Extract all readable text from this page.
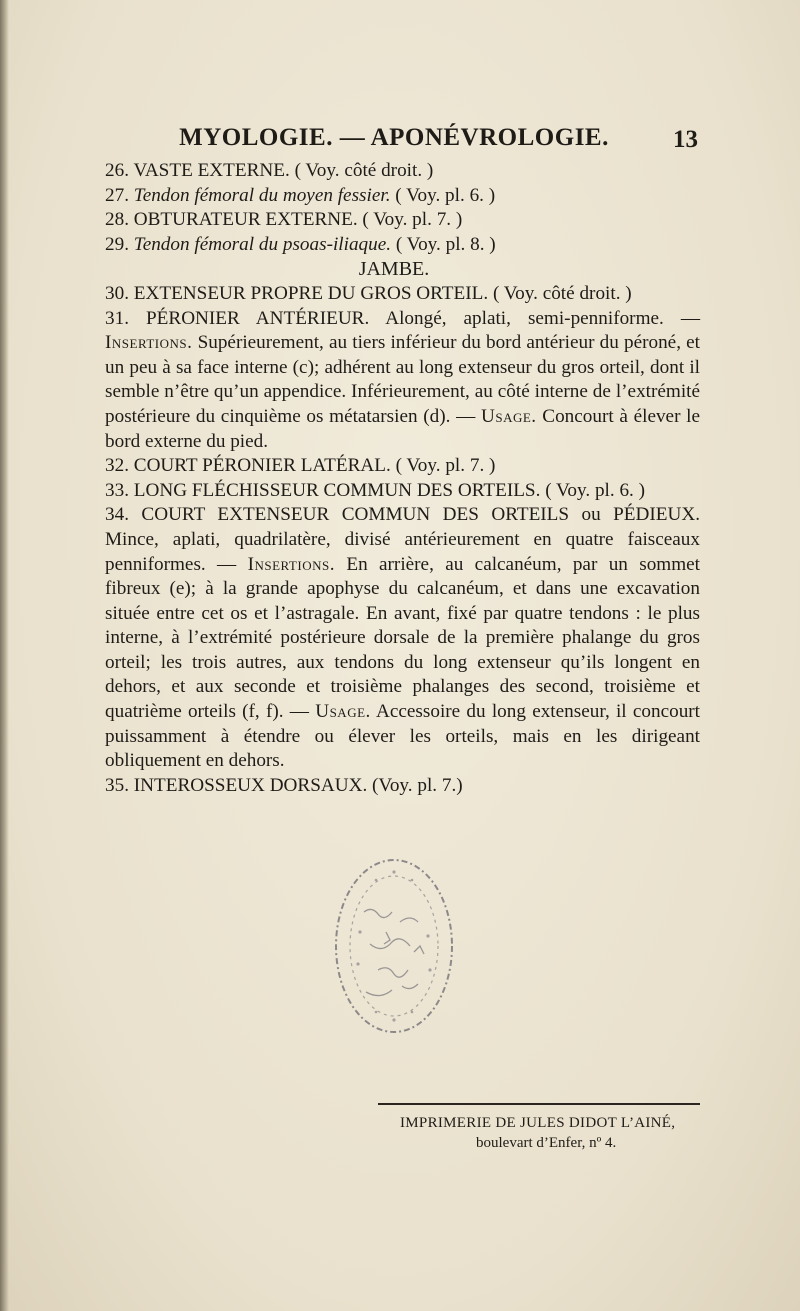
MYOLOGIE. — APONÉVROLOGIE.	13

26. VASTE EXTERNE. ( Voy. côté droit. )

27. Tendon fémoral du moyen fessier. ( Voy. pl. 6. )

28. OBTURATEUR EXTERNE. ( Voy. pl. 7. )

29. Tendon fémoral du psoas-iliaque. ( Voy. pl. 8. )

JAMBE.

30. EXTENSEUR PROPRE DU GROS ORTEIL. ( Voy. côté droit. )

31. PÉRONIER ANTÉRIEUR. Alongé, aplati, semi-penniforme. — Insertions. Supérieurement, au tiers inférieur du bord antérieur du péroné, et un peu à sa face interne (c); adhérent au long extenseur du gros orteil, dont il semble n’être qu’un appendice. Inférieurement, au côté interne de l’extrémité postérieure du cinquième os métatarsien (d). — Usage. Concourt à élever le bord externe du pied.

32. COURT PÉRONIER LATÉRAL. ( Voy. pl. 7. )

33. LONG FLÉCHISSEUR COMMUN DES ORTEILS. ( Voy. pl. 6. )

34. COURT EXTENSEUR COMMUN DES ORTEILS ou PÉDIEUX. Mince, aplati, quadrilatère, divisé antérieurement en quatre faisceaux penniformes. — Insertions. En arrière, au calcanéum, par un sommet fibreux (e); à la grande apophyse du calcanéum, et dans une excavation située entre cet os et l’astragale. En avant, fixé par quatre tendons : le plus interne, à l’extrémité postérieure dorsale de la première phalange du gros orteil; les trois autres, aux tendons du long extenseur qu’ils longent en dehors, et aux seconde et troisième phalanges des second, troisième et quatrième orteils (f, f). — Usage. Accessoire du long extenseur, il concourt puissamment à étendre ou élever les orteils, mais en les dirigeant obliquement en dehors.

35. INTEROSSEUX DORSAUX. (Voy. pl. 7.)

IMPRIMERIE DE JULES DIDOT L’AINÉ,
boulevart d’Enfer, nº 4.
